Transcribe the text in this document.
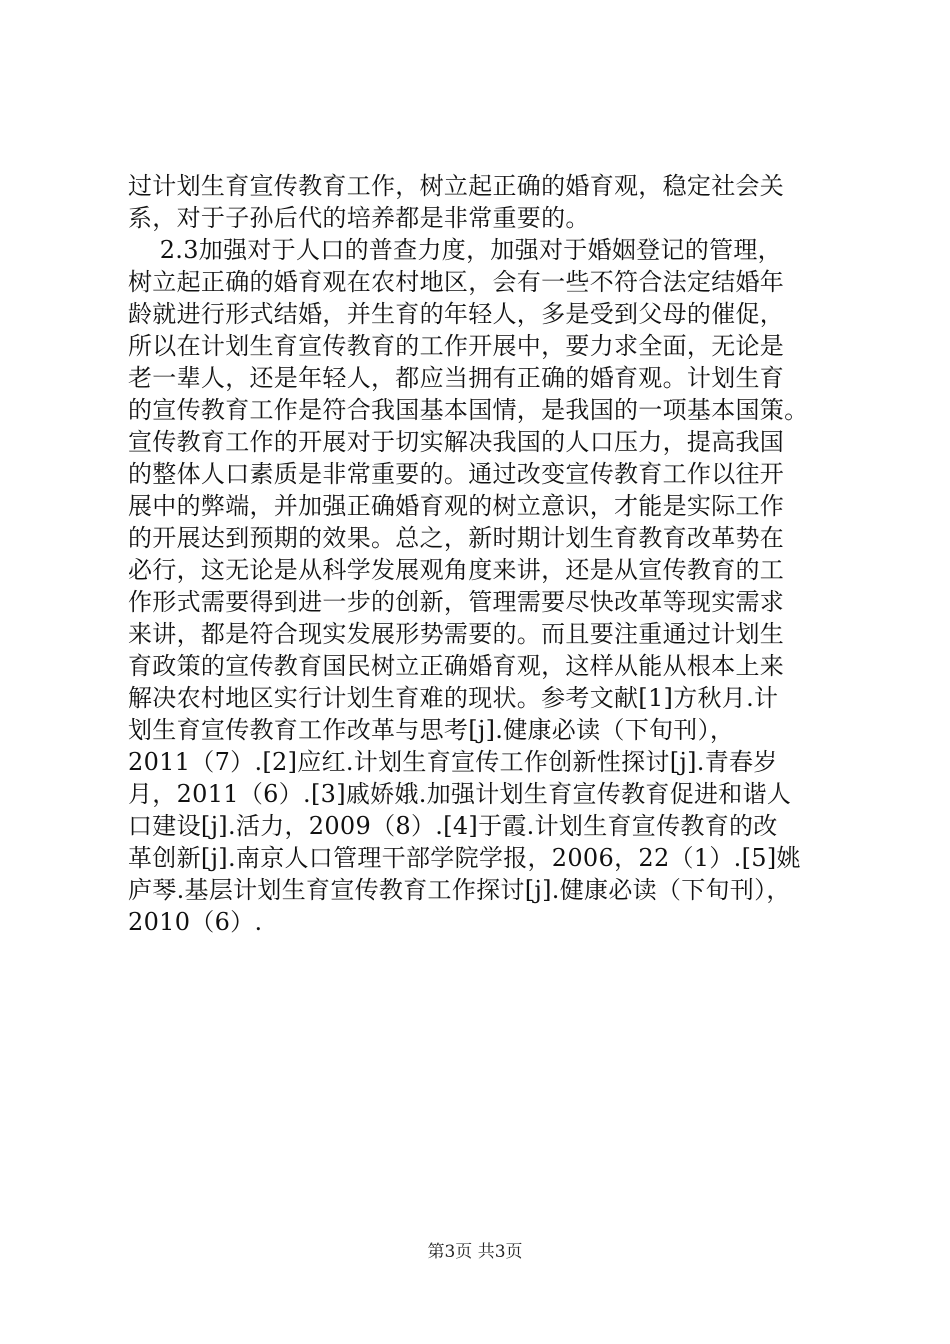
过计划生育宣传教育工作，树立起正确的婚育观，稳定社会关
系，对于子孙后代的培养都是非常重要的。
2.3加强对于人口的普查力度，加强对于婚姻登记的管理，
树立起正确的婚育观在农村地区，会有一些不符合法定结婚年
龄就进行形式结婚，并生育的年轻人，多是受到父母的催促，
所以在计划生育宣传教育的工作开展中，要力求全面，无论是
老一辈人，还是年轻人，都应当拥有正确的婚育观。计划生育
的宣传教育工作是符合我国基本国情，是我国的一项基本国策。
宣传教育工作的开展对于切实解决我国的人口压力，提高我国
的整体人口素质是非常重要的。通过改变宣传教育工作以往开
展中的弊端，并加强正确婚育观的树立意识，才能是实际工作
的开展达到预期的效果。总之，新时期计划生育教育改革势在
必行，这无论是从科学发展观角度来讲，还是从宣传教育的工
作形式需要得到进一步的创新，管理需要尽快改革等现实需求
来讲，都是符合现实发展形势需要的。而且要注重通过计划生
育政策的宣传教育国民树立正确婚育观，这样从能从根本上来
解决农村地区实行计划生育难的现状。参考文献[1]方秋月.计
划生育宣传教育工作改革与思考[j].健康必读（下旬刊），
2011（7）.[2]应红.计划生育宣传工作创新性探讨[j].青春岁
月，2011（6）.[3]戚娇娥.加强计划生育宣传教育促进和谐人
口建设[j].活力，2009（8）.[4]于霞.计划生育宣传教育的改
革创新[j].南京人口管理干部学院学报，2006，22（1）.[5]姚
庐琴.基层计划生育宣传教育工作探讨[j].健康必读（下旬刊），
2010（6）.
第3页 共3页
